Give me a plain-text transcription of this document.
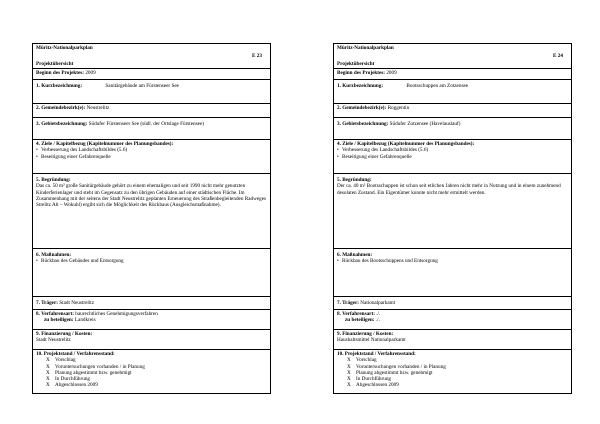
Müritz-Nationalparkplan
E 23
Projektübersicht
Beginn des Projektes: 2009
1. Kurzbezeichnung:	Sanitärgebäude am Fürstenseer See
2. Gemeindebezirk(e): Neustrelitz
3. Gebietsbezeichnung: Südufer Fürstenseer See (südl. der Ortslage Fürstensee)
4. Ziele / Kapitelbezug (Kapitelnummer des Planungsbandes):
• Verbesserung des Landschaftsbildes (5.6)
• Beseitigung einer Gefahrenquelle
5. Begründung:
Das ca. 50 m² große Sanitärgebäude gehört zu einem ehemaligen und seit 1990 nicht mehr genutzten Kinderferienlager und steht im Gegensatz zu den übrigen Gebäuden auf einer städtischen Fläche. Im Zusammenhang mit der seitens der Stadt Neustrelitz geplanten Erneuerung des Straßenbegleitenden Radweges Strelitz Alt – Wokuhl) ergibt sich die Möglichkeit des Rückbaus (Ausgleichsmaßnahme).
6. Maßnahmen:
• Rückbau des Gebäudes und Entsorgung
7. Träger: Stadt Neustrelitz
8. Verfahrensart: baurechtliches Genehmigungsverfahren
zu beteiligen: Landkreis
9. Finanzierung / Kosten:
Stadt Neustrelitz
10. Projektstand / Verfahrensstand:
X Vorschlag
X Voruntersuchungen vorhanden / in Planung
X Planung abgestimmt bzw. genehmigt
X In Durchführung
X Abgeschlossen 2009
Müritz-Nationalparkplan
E 24
Projektübersicht
Beginn des Projektes: 2009
1. Kurzbezeichnung:	Bootsschuppen am Zotzensee
2. Gemeindebezirk(e): Roggentin
3. Gebietsbezeichnung: Südufer Zotzensee (Havelauslauf)
4. Ziele / Kapitelbezug (Kapitelnummer des Planungsbandes):
• Verbesserung des Landschaftsbildes (5.6)
• Beseitigung einer Gefahrenquelle
5. Begründung:
Der ca. 40 m² Bootsschuppen ist schon seit etlichen Jahren nicht mehr in Nutzung und in einem zunehmend desolaten Zustand. Ein Eigentümer konnte nicht mehr ermittelt werden.
6. Maßnahmen:
• Rückbau des Bootsschuppens und Entsorgung
7. Träger: Nationalparkamt
8. Verfahrensart: ./.
zu beteiligen: ./.
9. Finanzierung / Kosten:
Haushaltsmittel Nationalparkamt
10. Projektstand / Verfahrensstand:
X Vorschlag
X Voruntersuchungen vorhanden / in Planung
X Planung abgestimmt bzw. genehmigt
X In Durchführung
X Abgeschlossen 2009
